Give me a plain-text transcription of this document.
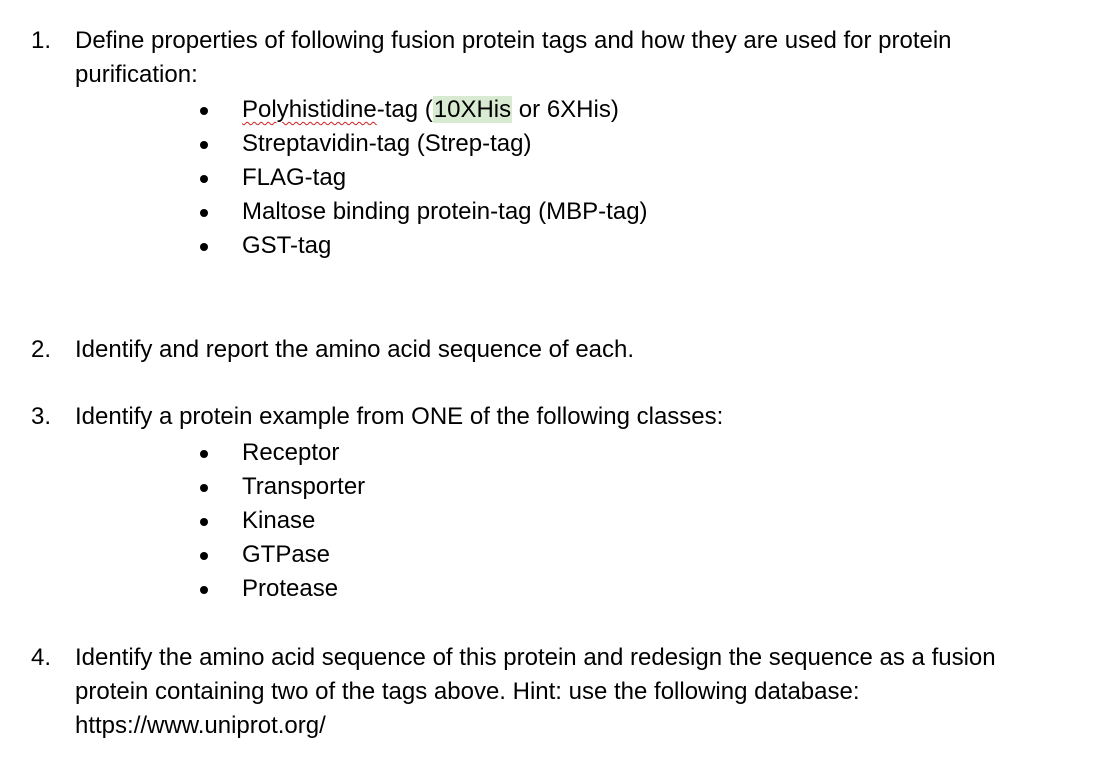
1. Define properties of following fusion protein tags and how they are used for protein
purification:
Polyhistidine-tag (10XHis or 6XHis)
Streptavidin-tag (Strep-tag)
FLAG-tag
Maltose binding protein-tag (MBP-tag)
GST-tag
2. Identify and report the amino acid sequence of each.
3. Identify a protein example from ONE of the following classes:
Receptor
Transporter
Kinase
GTPase
Protease
4. Identify the amino acid sequence of this protein and redesign the sequence as a fusion
protein containing two of the tags above. Hint: use the following database:
https://www.uniprot.org/
